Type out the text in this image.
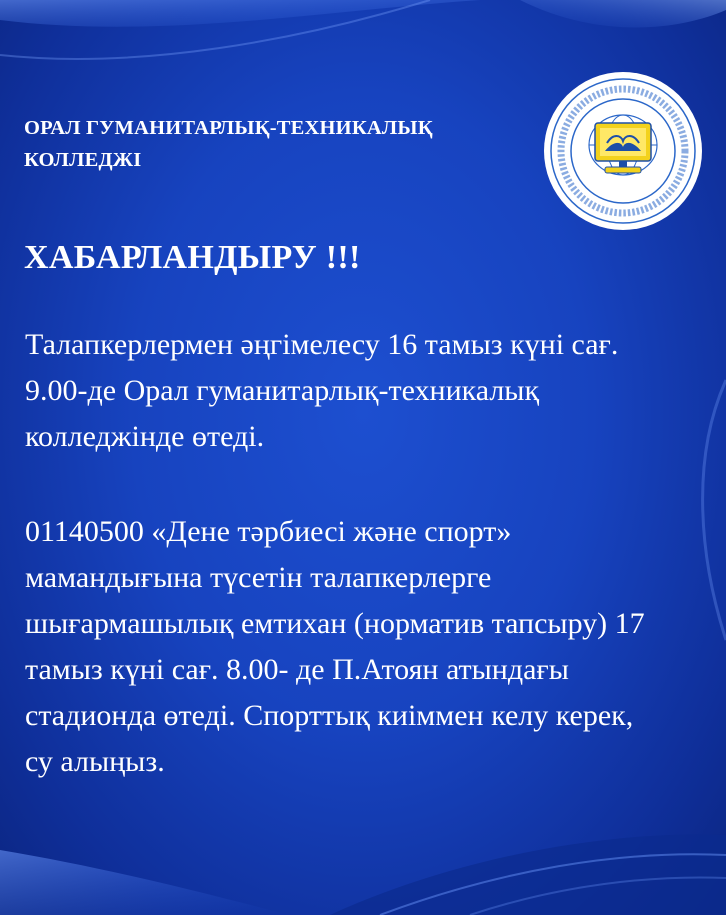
ОРАЛ ГУМАНИТАРЛЫҚ-ТЕХНИКАЛЫҚ КОЛЛЕДЖІ
ХАБАРЛАНДЫРУ !!!
Талапкерлермен әңгімелесу 16 тамыз күні сағ. 9.00-де Орал гуманитарлық-техникалық колледжінде өтеді.
01140500 «Дене тәрбиесі және спорт» мамандығына түсетін талапкерлерге шығармашылық емтихан (норматив тапсыру) 17 тамыз күні сағ. 8.00- де П.Атоян атындағы стадионда өтеді. Спорттық киіммен келу керек, су алыңыз.
